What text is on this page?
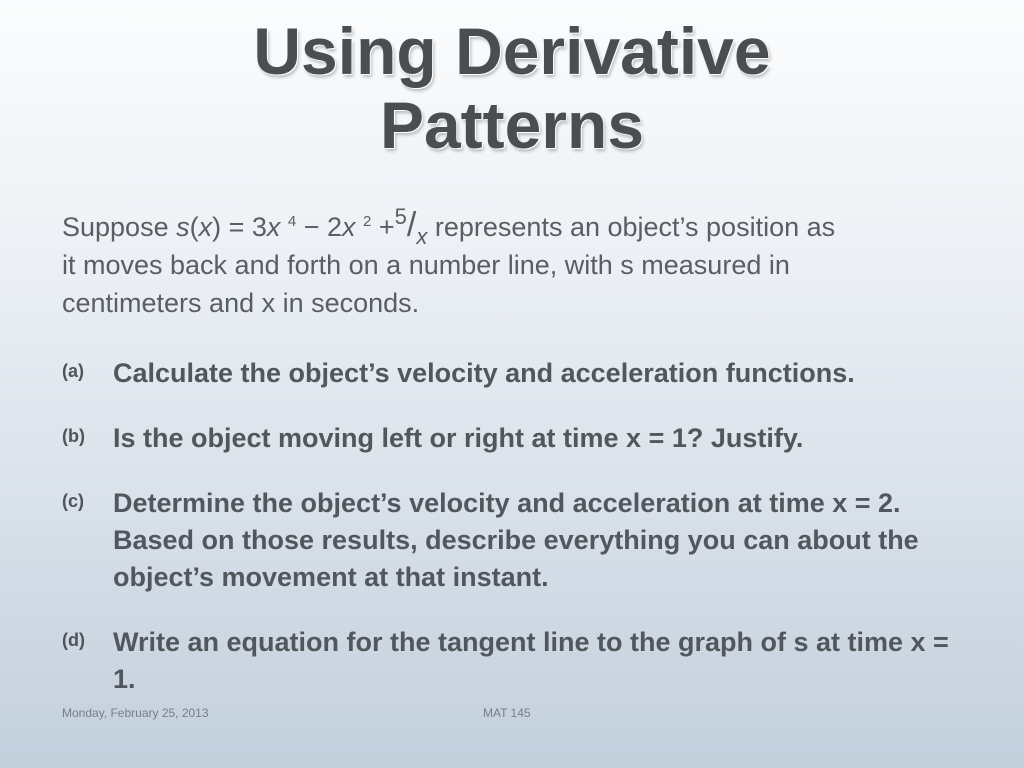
Using Derivative
Patterns
Suppose s(x) = 3x $^4$ − 2x $^2 +^5/_x$ represents an object’s position as
it moves back and forth on a number line, with s measured in
centimeters and x in seconds.
(a) Calculate the object’s velocity and acceleration functions.
(b) Is the object moving left or right at time x = 1? Justify.
(c) Determine the object’s velocity and acceleration at time x = 2. Based on those results, describe everything you can about the object’s movement at that instant.
(d) Write an equation for the tangent line to the graph of s at time x = 1.
Monday, February 25, 2013	MAT 145
